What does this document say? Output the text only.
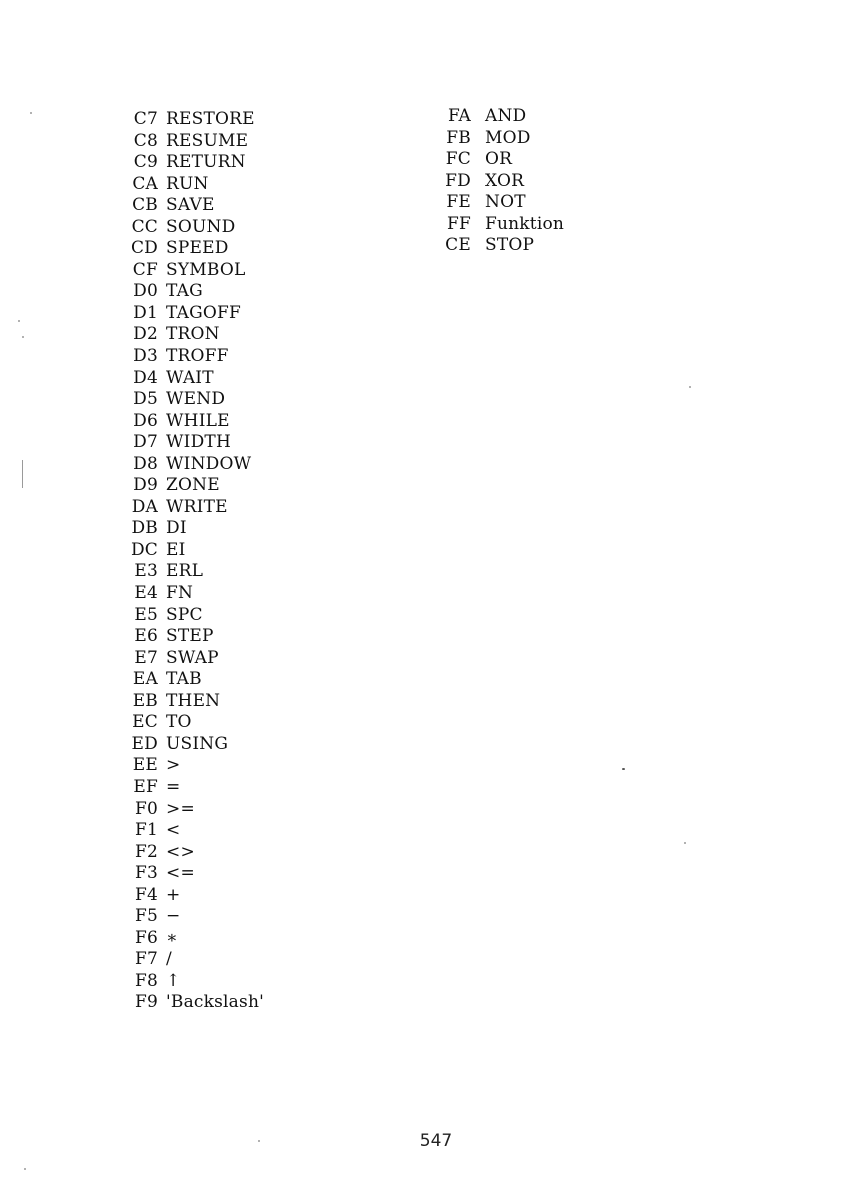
C7 RESTORE
C8 RESUME
C9 RETURN
CA RUN
CB SAVE
CC SOUND
CD SPEED
CF SYMBOL
D0 TAG
D1 TAGOFF
D2 TRON
D3 TROFF
D4 WAIT
D5 WEND
D6 WHILE
D7 WIDTH
D8 WINDOW
D9 ZONE
DA WRITE
DB DI
DC EI
E3 ERL
E4 FN
E5 SPC
E6 STEP
E7 SWAP
EA TAB
EB THEN
EC TO
ED USING
EE >
EF =
F0 >=
F1 <
F2 <>
F3 <=
F4 +
F5 −
F6 ∗
F7 /
F8 ↑
F9 'Backslash'
FA AND
FB MOD
FC OR
FD XOR
FE NOT
FF Funktion
CE STOP
547
